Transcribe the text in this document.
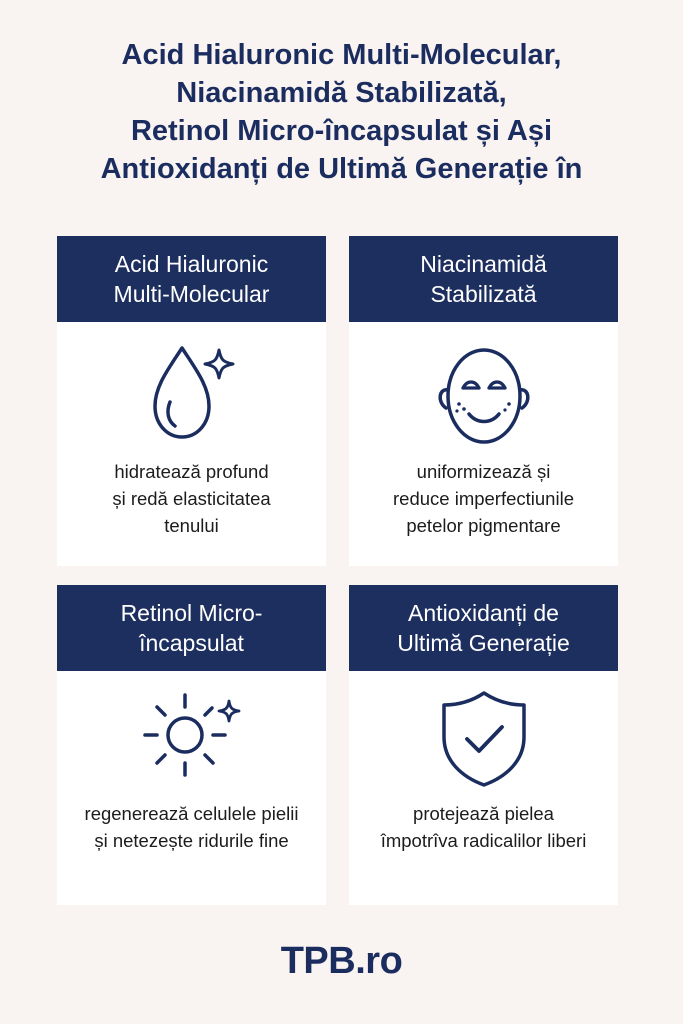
Acid Hialuronic Multi-Molecular,
Niacinamidă Stabilizată,
Retinol Micro-încapsulat și Ași
Antioxidanți de Ultimă Generație în
Acid Hialuronic
Multi-Molecular
hidratează profund
și redă elasticitatea
tenului
Niacinamidă
Stabilizată
uniformizează și
reduce imperfectiunile
petelor pigmentare
Retinol Micro-
încapsulat
regenerează celulele pielii
și netezește ridurile fine
Antioxidanți de
Ultimă Generație
protejează pielea
împotrîva radicalilor liberi
TPB.ro
